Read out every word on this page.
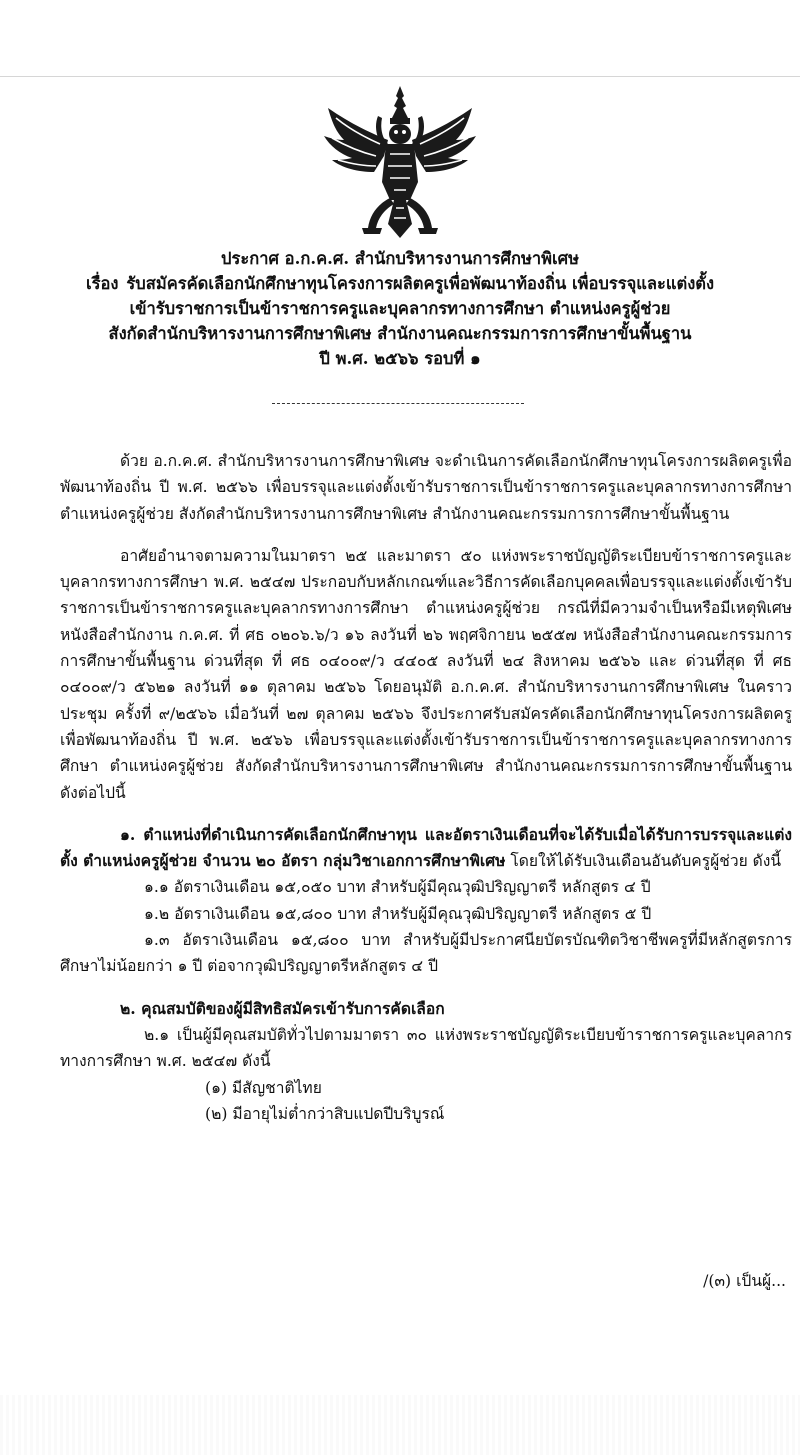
ประกาศ อ.ก.ค.ศ. สำนักบริหารงานการศึกษาพิเศษ
เรื่อง รับสมัครคัดเลือกนักศึกษาทุนโครงการผลิตครูเพื่อพัฒนาท้องถิ่น เพื่อบรรจุและแต่งตั้ง
เข้ารับราชการเป็นข้าราชการครูและบุคลากรทางการศึกษา ตำแหน่งครูผู้ช่วย
สังกัดสำนักบริหารงานการศึกษาพิเศษ สำนักงานคณะกรรมการการศึกษาขั้นพื้นฐาน
ปี พ.ศ. ๒๕๖๖ รอบที่ ๑

ด้วย อ.ก.ค.ศ. สำนักบริหารงานการศึกษาพิเศษ จะดำเนินการคัดเลือกนักศึกษาทุนโครงการผลิตครูเพื่อพัฒนาท้องถิ่น ปี พ.ศ. ๒๕๖๖ เพื่อบรรจุและแต่งตั้งเข้ารับราชการเป็นข้าราชการครูและบุคลากรทางการศึกษา ตำแหน่งครูผู้ช่วย สังกัดสำนักบริหารงานการศึกษาพิเศษ สำนักงานคณะกรรมการการศึกษาขั้นพื้นฐาน

อาศัยอำนาจตามความในมาตรา ๒๕ และมาตรา ๕๐ แห่งพระราชบัญญัติระเบียบข้าราชการครูและบุคลากรทางการศึกษา พ.ศ. ๒๕๔๗ ประกอบกับหลักเกณฑ์และวิธีการคัดเลือกบุคคลเพื่อบรรจุและแต่งตั้งเข้ารับราชการเป็นข้าราชการครูและบุคลากรทางการศึกษา ตำแหน่งครูผู้ช่วย กรณีที่มีความจำเป็นหรือมีเหตุพิเศษ หนังสือสำนักงาน ก.ค.ศ. ที่ ศธ ๐๒๐๖.๖/ว ๑๖ ลงวันที่ ๒๖ พฤศจิกายน ๒๕๕๗ หนังสือสำนักงานคณะกรรมการการศึกษาขั้นพื้นฐาน ด่วนที่สุด ที่ ศธ ๐๔๐๐๙/ว ๔๔๐๕ ลงวันที่ ๒๔ สิงหาคม ๒๕๖๖ และ ด่วนที่สุด ที่ ศธ ๐๔๐๐๙/ว ๕๖๒๑ ลงวันที่ ๑๑ ตุลาคม ๒๕๖๖ โดยอนุมัติ อ.ก.ค.ศ. สำนักบริหารงานการศึกษาพิเศษ ในคราวประชุม ครั้งที่ ๙/๒๕๖๖ เมื่อวันที่ ๒๗ ตุลาคม ๒๕๖๖ จึงประกาศรับสมัครคัดเลือกนักศึกษาทุนโครงการผลิตครูเพื่อพัฒนาท้องถิ่น ปี พ.ศ. ๒๕๖๖ เพื่อบรรจุและแต่งตั้งเข้ารับราชการเป็นข้าราชการครูและบุคลากรทางการศึกษา ตำแหน่งครูผู้ช่วย สังกัดสำนักบริหารงานการศึกษาพิเศษ สำนักงานคณะกรรมการการศึกษาขั้นพื้นฐาน ดังต่อไปนี้

๑. ตำแหน่งที่ดำเนินการคัดเลือกนักศึกษาทุน และอัตราเงินเดือนที่จะได้รับเมื่อได้รับการบรรจุและแต่งตั้ง ตำแหน่งครูผู้ช่วย จำนวน ๒๐ อัตรา กลุ่มวิชาเอกการศึกษาพิเศษ โดยให้ได้รับเงินเดือนอันดับครูผู้ช่วย ดังนี้

๑.๑ อัตราเงินเดือน ๑๕,๐๕๐ บาท สำหรับผู้มีคุณวุฒิปริญญาตรี หลักสูตร ๔ ปี

๑.๒ อัตราเงินเดือน ๑๕,๘๐๐ บาท สำหรับผู้มีคุณวุฒิปริญญาตรี หลักสูตร ๕ ปี

๑.๓ อัตราเงินเดือน ๑๕,๘๐๐ บาท สำหรับผู้มีประกาศนียบัตรบัณฑิตวิชาชีพครูที่มีหลักสูตรการศึกษาไม่น้อยกว่า ๑ ปี ต่อจากวุฒิปริญญาตรีหลักสูตร ๔ ปี

๒. คุณสมบัติของผู้มีสิทธิสมัครเข้ารับการคัดเลือก

๒.๑ เป็นผู้มีคุณสมบัติทั่วไปตามมาตรา ๓๐ แห่งพระราชบัญญัติระเบียบข้าราชการครูและบุคลากรทางการศึกษา พ.ศ. ๒๕๔๗ ดังนี้

(๑) มีสัญชาติไทย

(๒) มีอายุไม่ต่ำกว่าสิบแปดปีบริบูรณ์

/(๓) เป็นผู้...
